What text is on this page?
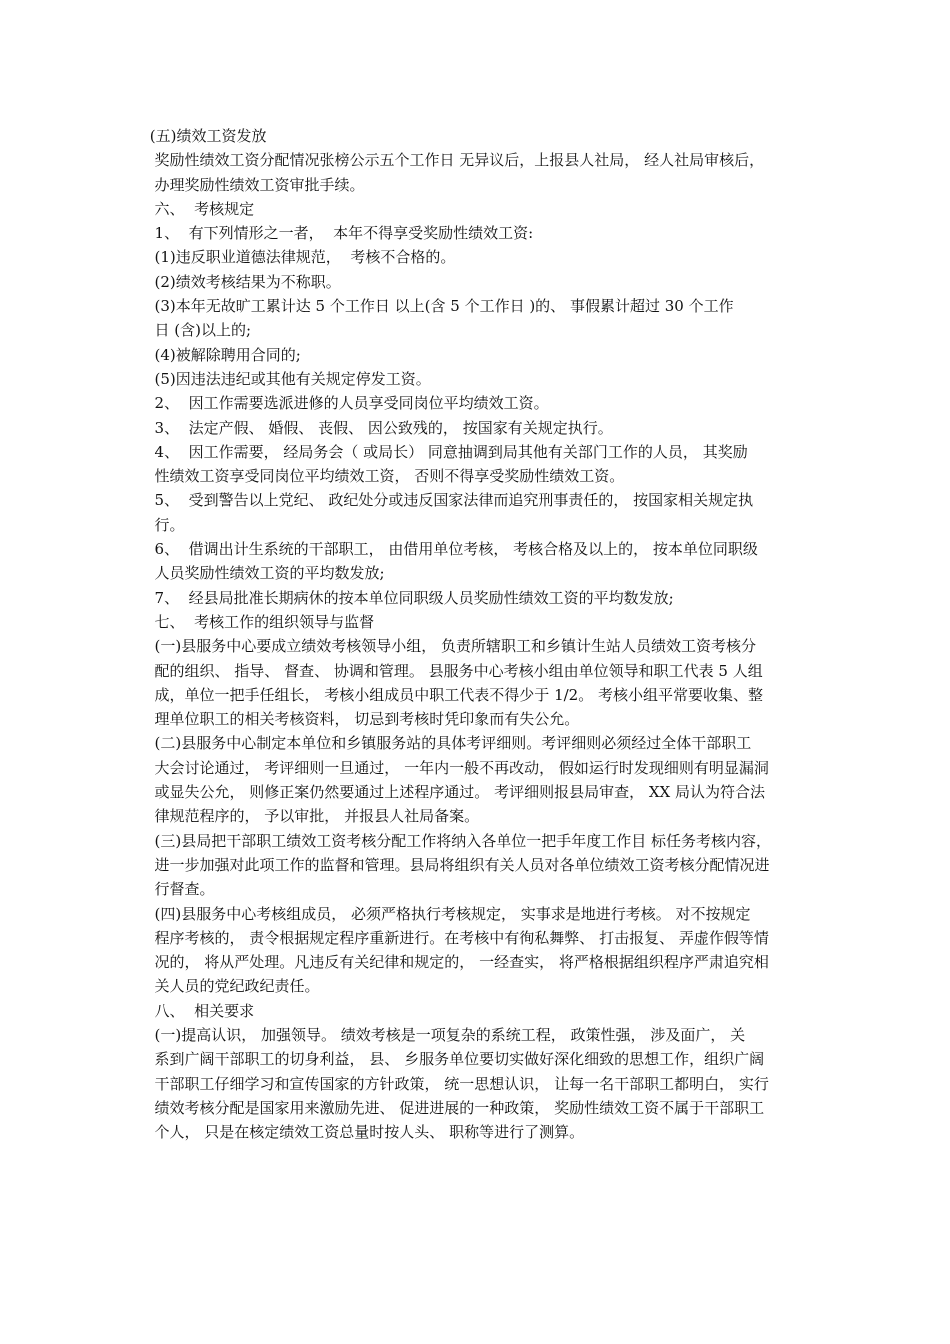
(五)绩效工资发放
奖励性绩效工资分配情况张榜公示五个工作日 无异议后，上报县人社局， 经人社局审核后，
办理奖励性绩效工资审批手续。
六、  考核规定
1、  有下列情形之一者，  本年不得享受奖励性绩效工资:
(1)违反职业道德法律规范，  考核不合格的。
(2)绩效考核结果为不称职。
(3)本年无故旷工累计达 5 个工作日 以上(含 5 个工作日 )的、 事假累计超过 30 个工作
日 (含)以上的;
(4)被解除聘用合同的;
(5)因违法违纪或其他有关规定停发工资。
2、  因工作需要选派进修的人员享受同岗位平均绩效工资。
3、  法定产假、 婚假、 丧假、 因公致残的， 按国家有关规定执行。
4、  因工作需要， 经局务会（ 或局长） 同意抽调到局其他有关部门工作的人员， 其奖励
性绩效工资享受同岗位平均绩效工资， 否则不得享受奖励性绩效工资。
5、  受到警告以上党纪、 政纪处分或违反国家法律而追究刑事责任的， 按国家相关规定执
行。
6、  借调出计生系统的干部职工， 由借用单位考核， 考核合格及以上的， 按本单位同职级
人员奖励性绩效工资的平均数发放;
7、  经县局批准长期病休的按本单位同职级人员奖励性绩效工资的平均数发放;
七、  考核工作的组织领导与监督
(一)县服务中心要成立绩效考核领导小组， 负责所辖职工和乡镇计生站人员绩效工资考核分
配的组织、 指导、 督查、 协调和管理。 县服务中心考核小组由单位领导和职工代表 5 人组
成，单位一把手任组长， 考核小组成员中职工代表不得少于 1/2。 考核小组平常要收集、整
理单位职工的相关考核资料， 切忌到考核时凭印象而有失公允。
(二)县服务中心制定本单位和乡镇服务站的具体考评细则。考评细则必须经过全体干部职工
大会讨论通过， 考评细则一旦通过， 一年内一般不再改动， 假如运行时发现细则有明显漏洞
或显失公允， 则修正案仍然要通过上述程序通过。 考评细则报县局审查， XX 局认为符合法
律规范程序的， 予以审批， 并报县人社局备案。
(三)县局把干部职工绩效工资考核分配工作将纳入各单位一把手年度工作目 标任务考核内容，
进一步加强对此项工作的监督和管理。县局将组织有关人员对各单位绩效工资考核分配情况进
行督查。
(四)县服务中心考核组成员， 必须严格执行考核规定， 实事求是地进行考核。 对不按规定
程序考核的， 责令根据规定程序重新进行。在考核中有徇私舞弊、 打击报复、 弄虚作假等情
况的， 将从严处理。凡违反有关纪律和规定的， 一经查实， 将严格根据组织程序严肃追究相
关人员的党纪政纪责任。
八、  相关要求
(一)提高认识， 加强领导。 绩效考核是一项复杂的系统工程， 政策性强， 涉及面广， 关
系到广阔干部职工的切身利益， 县、 乡服务单位要切实做好深化细致的思想工作，组织广阔
干部职工仔细学习和宣传国家的方针政策， 统一思想认识， 让每一名干部职工都明白， 实行
绩效考核分配是国家用来激励先进、 促进进展的一种政策， 奖励性绩效工资不属于干部职工
个人， 只是在核定绩效工资总量时按人头、 职称等进行了测算。
